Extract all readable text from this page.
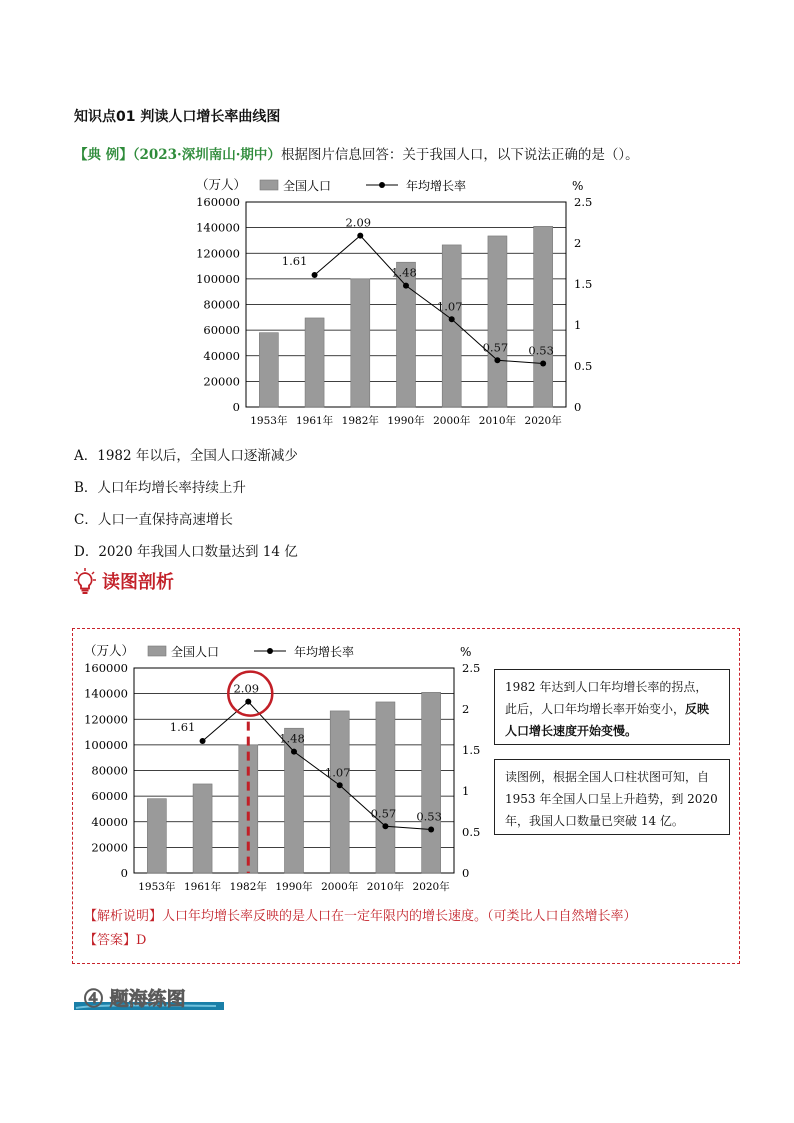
知识点01 判读人口增长率曲线图
【典 例】（2023·深圳南山·期中）根据图片信息回答：关于我国人口，以下说法正确的是（）。
0
20000
40000
60000
80000
100000
120000
140000
160000
0
0.5
1
1.5
2
2.5
1953年 1961年 1982年 1990年 2000年 2010年 2020年
1.61
2.09
1.48
1.07
0.57 0.53
（万人）	%
全国人口	年均增长率
A．1982 年以后，全国人口逐渐减少
B．人口年均增长率持续上升
C．人口一直保持高速增长
D．2020 年我国人口数量达到 14 亿
读图剖析
0
20000
40000
60000
80000
100000
120000
140000
160000
0
0.5
1
1.5
2
2.5
1953年 1961年 1982年 1990年 2000年 2010年 2020年
1.61
2.09
1.48
1.07
0.57 0.53
（万人）	%
全国人口	年均增长率
1982 年达到人口年均增长率的拐点，此后，人口年均增长率开始变小，反映人口增长速度开始变慢。
读图例，根据全国人口柱状图可知，自 1953 年全国人口呈上升趋势，到 2020 年，我国人口数量已突破 14 亿。
【解析说明】人口年均增长率反映的是人口在一定年限内的增长速度。（可类比人口自然增长率）
【答案】D
④ 题海练图
